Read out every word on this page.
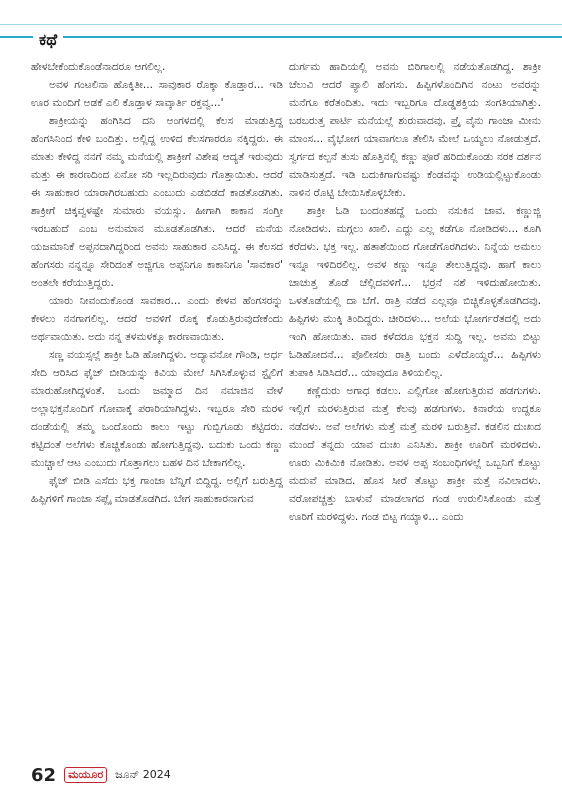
ಕಥೆ

ಹೇಳಬೇಕೆಂದುಕೊಂಡೆನಾದರೂ ಆಗಲಿಲ್ಲ.

ಅವಳ ಗಂಟಲಿನಾ ಹೊಕ್ಕಿತೀ... ಸಾವುಕಾರ ರೊಕ್ಕಾ ಕೊಡ್ತಾರ... ಇಡಿ ಊರ ಮಂದಿಗೆ ಅಡಕೆ ಎಲಿ ಕೊಡ್ತಾಳ ಸಾವ್ಕಾರ್ತಿ ರಕ್ತವ್ವ...'

ಶಾಕ್ರೀಯನ್ನು ಹಂಗಿಸಿದ ದನಿ ಅಂಗಳದಲ್ಲಿ ಕೆಲಸ ಮಾಡುತ್ತಿದ್ದ ಹೆಂಗಸಿನಿಂದ ಕೇಳಿ ಬಂದಿತ್ತು. ಅಲ್ಲಿದ್ದ ಉಳಿದ ಕೆಲಸಗಾರರೂ ನಕ್ಕಿದ್ದರು. ಈ ಮಾತು ಕೇಳಿದ್ದ ನನಗೆ ನಮ್ಮ ಮನೆಯಲ್ಲಿ ಶಾಕ್ರೀಗೆ ವಿಶೇಷ ಆದ್ಯತೆ ಇರುವುದು ಮತ್ತು ಈ ಕಾರಣದಿಂದ ಏನೋ ಸರಿ ಇಲ್ಲದಿರುವುದು ಗೊತ್ತಾಯಿತು. ಆದರೆ ಈ ಸಾಹುಕಾರ ಯಾರಾಗಿರಬಹುದು ಎಂಬುದು ಎಡಬಿಡದೆ ಕಾಡತೊಡಗಿತು. ಶಾಕ್ರೀಗೆ ಚಿಕ್ಕವ್ವಳಷ್ಟೇ ಸುಮಾರು ವಯಸ್ಸು. ಹೀಗಾಗಿ ಕಾಕಾನ ಸಂಗ್ತೀ ಇರಬಹುದೆ ಎಂಬ ಅನುಮಾನ ಮೂಡತೊಡಗಿತು. ಆದರೆ ಮನೆಯ ಯಜಮಾನಿಕೆ ಅಪ್ಪನದಾಗಿದ್ದರಿಂದ ಅವನು ಸಾಹುಕಾರ ಎನಿಸಿದ್ದ. ಈ ಕೆಲಸದ ಹೆಂಗಸರು ನನ್ನನ್ನೂ ಸೇರಿದಂತೆ ಅಜ್ಜಿಗೂ ಅಪ್ಪನಿಗೂ ಕಾಕಾನಿಗೂ 'ಸಾವಕಾರ' ಅಂತಲೇ ಕರೆಯುತ್ತಿದ್ದರು.

ಯಾರು ನೀವಂದುಕೊಂಡ ಸಾವಕಾರ... ಎಂದು ಕೇಳವ ಹೆಂಗಸರನ್ನು ಕೇಳಲು ನನಗಾಗಲಿಲ್ಲ. ಆದರೆ ಅವಳಿಗೆ ರೊಕ್ಕ ಕೊಡುತ್ತಿರುವುದೇಕೆಂದು ಅರ್ಥವಾಯಿತು. ಅದು ನನ್ನ ತಳಮಳಕ್ಕೂ ಕಾರಣವಾಯಿತು.

ಸಣ್ಣ ವಯಸ್ಸಲ್ಲೆ ಶಾಕ್ರೀ ಓಡಿ ಹೋಗಿದ್ದಳು. ಅದ್ಯಾವನೋ ಗೌಂಡಿ, ಅರ್ಧ ಸೇದಿ ಆರಿಸಿದ ಫೈಜ್ ಬೀಡಿಯನ್ನು ಕಿವಿಯ ಮೇಲೆ ಸಿಗಿಸಿಕೊಳ್ಳುವ ಸ್ಟೈಲಿಗೆ ಮಾರುಹೋಗಿದ್ದಳಂತೆ. ಒಂದು ಜಮ್ಮಾದ ದಿನ ನಮಾಜಿನ ವೇಳೆ ಅಲ್ಲಾಭಕ್ತನೊಂದಿಗೆ ಗೋವಾಕ್ಕೆ ಪರಾರಿಯಾಗಿದ್ದಳು. ಇಬ್ಬರೂ ಸೇರಿ ಮರಳ ದಂಡೆಯಲ್ಲಿ ತಮ್ಮ ಒಂದೊಂದು ಕಾಲು ಇಟ್ಟು ಗುಬ್ಬಿಗೂಡು ಕಟ್ಟಿದರು. ಕಟ್ಟಿದಂತೆ ಅಲೆಗಳು ಕೊಚ್ಚಿಕೊಂಡು ಹೋಗುತ್ತಿದ್ದವು. ಬದುಕು ಒಂದು ಕಣ್ಣು ಮುಚ್ಚಾಲೆ ಆಟ ಎಂಬುದು ಗೊತ್ತಾಗಲು ಬಹಳ ದಿನ ಬೇಕಾಗಲಿಲ್ಲ.

ಫೈಜ್ ಬೀಡಿ ಎಸೆದು ಭಕ್ತ ಗಾಂಜಾ ಬೆನ್ನಿಗೆ ಬಿದ್ದಿದ್ದ. ಅಲ್ಲಿಗೆ ಬರುತ್ತಿದ್ದ ಹಿಪ್ಪಿಗಳಿಗೆ ಗಾಂಜಾ ಸಪ್ಲೈ ಮಾಡತೊಡಗಿದ. ಬೇಗ ಸಾಹುಕಾರನಾಗುವ

ದುರ್ಗಮ ಹಾದಿಯಲ್ಲಿ ಅವನು ಬಿರಿಗಾಲಲ್ಲಿ ನಡೆಯತೊಡಗಿದ್ದ. ಶಾಕ್ರೀ ಚೆಲುವಿ ಆದರೆ ಪ್ಯಾಲಿ ಹೆಂಗಸು. ಹಿಪ್ಪಿಗಳೊಂದಿಗಿನ ನಂಟು ಅವರನ್ನು ಮನೆಗೂ ಕರೆತಂದಿತು. ಇದು ಇಬ್ಬರಿಗೂ ದೊಡ್ಡಶಕ್ತಿಯ ಸಂಗತಿಯಾಗಿತ್ತು. ಬರಬರುತ್ತ ಪಾರ್ಟಿ ಮನೆಯಲ್ಲೆ ಶುರುವಾದವು. ಪ್ರೈ ವೈನು ಗಾಂಜಾ ಮೀನು ಮಾಂಸ... ವೈಭೋಗ ಯಾವಾಗಲೂ ತೇಲಿಸಿ ಮೇಲೆ ಒಯ್ಯಲು ನೋಡುತ್ತದೆ. ಸ್ವರ್ಗದ ಕಲ್ಪನೆ ತುಸು ಹೊತ್ತಿನಲ್ಲಿ ಕಣ್ಣು ಪೂರೆ ಹರಿದುಕೊಂಡು ನರಕ ದರ್ಶನ ಮಾಡಿಸುತ್ತದೆ. ಇಡಿ ಬದುಕಿಗಾಗುವಷ್ಟು ಕೆಂಡವನ್ನು ಉಡಿಯಲ್ಲಿಟ್ಟುಕೊಂಡು ನಾಳಿನ ರೊಟ್ಟಿ ಬೇಯಿಸಿಕೊಳ್ಳಬೇಕು.

ಶಾಕ್ರೀ ಓಡಿ ಬಂದಂತಹದ್ದೆ ಒಂದು ನಸುಕಿನ ಜಾವ. ಕಣ್ಣುಜ್ಜಿ ನೋಡಿದಳು. ಮಗ್ಗಲು ಖಾಲಿ. ಎದ್ದು ಎಲ್ಲ ಕಡೆಗೂ ನೋಡಿದಳು... ಕೂಗಿ ಕರೆದಳು. ಭಕ್ತ ಇಲ್ಲ. ಹತಾಶೆಯಿಂದ ಗೋಡೆಗೊರಗಿದಳು. ನಿನ್ನೆಯ ಅಮಲು ಇನ್ನೂ ಇಳಿದಿರಲಿಲ್ಲ. ಅವಳ ಕಣ್ಣು ಇನ್ನೂ ತೇಲುತ್ತಿದ್ದವು. ಹಾಗೆ ಕಾಲು ಚಾಚುತ್ತ ತೊಡೆ ಚೆಲ್ಲಿದವಳಿಗೆ... ಭರ್ರನೆ ನಶೆ ಇಳಿದುಹೋಯಿತು. ಒಳತೊಡೆಯಲ್ಲಿ ದಾ ಬೆಗೆ. ರಾತ್ರಿ ನಡೆದ ಎಲ್ಲವೂ ಬಿಚ್ಚಿಕೊಳ್ಳತೊಡಗಿದವು. ಹಿಪ್ಪಿಗಳು ಮುಕ್ಕಿ ತಿಂದಿದ್ದರು. ಚೀರಿದಳು... ಅಲೆಯ ಭೋರ್ಗರೆತದಲ್ಲಿ ಅದು ಇಂಗಿ ಹೋಯಿತು. ವಾರ ಕಳೆದರೂ ಭಕ್ತನ ಸುದ್ದಿ ಇಲ್ಲ. ಅವನು ಬಿಟ್ಟು ಓಡಿಹೋದನೆ... ಪೊಲೀಸರು ರಾತ್ರಿ ಬಂದು ಎಳೆದೊಯ್ದರೆ... ಹಿಪ್ಪಿಗಳು ತುಪಾಕಿ ಸಿಡಿಸಿದರೆ... ಯಾವುದೂ ತಿಳಿಯಲಿಲ್ಲ.

ಕಣ್ಣೆದುರು ಅಗಾಧ ಕಡಲು. ಎಲ್ಲಿಗೋ ಹೋಗುತ್ತಿರುವ ಹಡಗುಗಳು. ಇಲ್ಲಿಗೆ ಮರಳುತ್ತಿರುವ ಮತ್ತೆ ಕೆಲವು ಹಡಗುಗಳು. ಕಿನಾರೆಯ ಉದ್ದಕೂ ನಡೆದಳು. ಅವೆ ಅಲೆಗಳು ಮತ್ತೆ ಮತ್ತೆ ಮರಳಿ ಬರುತ್ತಿವೆ. ಕಡಲಿನ ದುಃಖದ ಮುಂದೆ ತನ್ನದು ಯಾವ ದುಃಖ ಎನಿಸಿತು. ಶಾಕ್ರೀ ಊರಿಗೆ ಮರಳಿದಳು. ಊರು ಮಿಕಿಮಿಕಿ ನೋಡಿತು. ಅವಳ ಅಪ್ಪ ಸಂಬಂಧಿಗಳಲ್ಲೆ ಒಬ್ಬನಿಗೆ ಕೊಟ್ಟು ಮದುವೆ ಮಾಡಿದ. ಹೊಸ ಸೀರೆ ತೊಟ್ಟು ಶಾಕ್ರೀ ಮತ್ತೆ ನವಿಲಾದಳು. ವರೋಪಚ್ಚತ್ತು ಬಾಳುವೆ ಮಾಡಲಾಗದ ಗಂಡ ಉರುಲಿಸಿಕೊಂಡು ಮತ್ತೆ ಊರಿಗೆ ಮರಳಿದ್ದಳು. ಗಂಡ ಬಿಟ್ಟ ಗಯ್ಯಾಳಿ... ಎಂದು

62	ಮಯೂರ	ಜೂನ್ 2024
